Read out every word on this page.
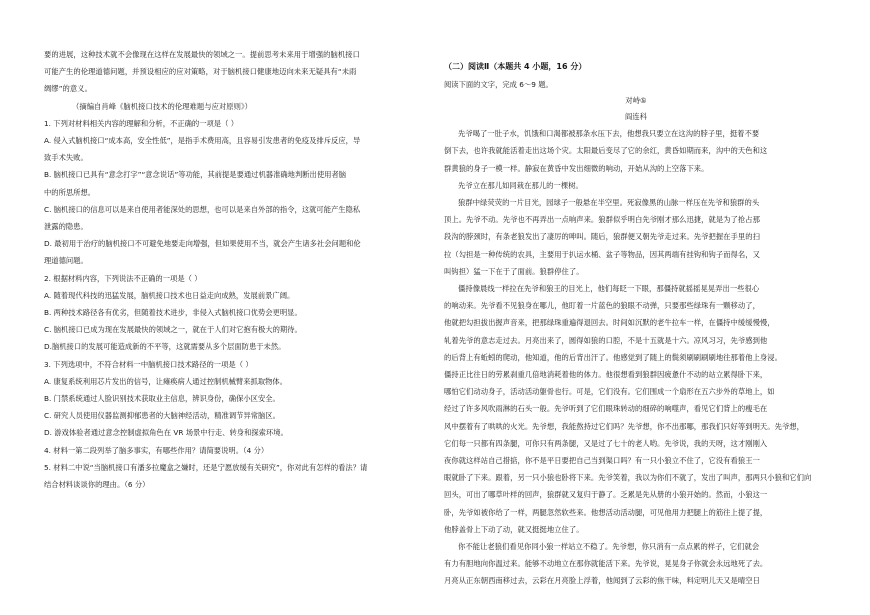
要的进展，这种技术就不会像现在这样在发展最快的领域之一。提前思考未来用于增强的脑机接口

可能产生的伦理道德问题，并预设相应的应对策略，对于脑机接口健康地迈向未来无疑具有“未雨

绸缪”的意义。

（摘编自肖峰《脑机接口技术的伦理难题与应对原则》）

1. 下列对材料相关内容的理解和分析，不正确的一项是（ ）

A. 侵入式脑机接口“成本高，安全性低”，是指手术费用高，且容易引发患者的免疫及排斥反应，导

致手术失败。

B. 脑机接口已具有“意念打字”“意念说话”等功能，其前提是要通过机器准确地判断出使用者脑

中的所思所想。

C. 脑机接口的信息可以是来自使用者能深处的思想，也可以是来自外部的指令，这就可能产生隐私

泄露的隐患。

D. 最初用于治疗的脑机接口不可避免地要走向增强，但如果使用不当，就会产生诸多社会问题和伦

理道德问题。

2. 根据材料内容，下列说法不正确的一项是（ ）

A. 随着现代科技的迅猛发展，脑机接口技术也日益走向成熟，发展前景广阔。

B. 两种技术路径各有优劣，但随着技术进步，非侵入式脑机接口优势会更明显。

C. 脑机接口已成为现在发展最快的领域之一，就在于人们对它抱有极大的期待。

D.脑机接口的发展可能造成新的不平等，这就需要从多个层面防患于未然。

3. 下列选项中，不符合材料一中脑机接口技术路径的一项是（ ）

A. 康复系统利用芯片发出的信号，让瘫痪病人通过控制机械臂来抓取物体。

B. 门禁系统通过人脸识别技术获取业主信息，辨识身份，确保小区安全。

C. 研究人员使用仪器监测抑郁患者的大脑神经活动，精准调节异常脑区。

D. 游戏体验者通过意念控制虚拟角色在 VR 场景中行走、转身和探索环境。

4. 材料一第二段列举了脑多事实，有哪些作用？请简要说明。（4 分）

5. 材料二中说“当脑机接口有潘多拉魔盒之嫌时，还是宁愿放缓有关研究”，你对此有怎样的看法？请

结合材料谈谈你的理由。（6 分）

（二）阅读Ⅱ（本题共 4 小题，16 分）

阅读下面的文字，完成 6～9 题。

对峙⑤

阎连科

先爷喝了一肚子水，饥饿和口渴都被那条水压下去，他想我只要立在这沟的脖子里，挺着不要

倒下去，也许我就能活着走出这场个灾。太阳最后变尽了它的余红，黄昏如期而来，沟中的天色和这

群黄狼的身子一模一样。静寂在黄昏中发出细微的响动，开始从沟的上空落下来。

先爷立在那儿如同栽在那儿的一棵树。

狼群中绿荧荧的一片目光，园球子一般悬在半空里。死寂像黑的山脉一样压在先爷和狼群的头

顶上。先爷不动。先爷也不再弄出一点响声来。狼群似乎明白先爷刚才那么迅捷，就是为了抢占那

段沟的脖颈时，有条老狼发出了凄厉的呻叫。随后，狼群便又朝先爷走过来。先爷把握在手里的扫

拉（勾担是一种传统的农具，主要用于扒运水桶、盆子等物品，因其两端有挂钩和钩子而得名，又

叫钩担）猛一下在于了面前。狼群停住了。

僵持像晨线一样拉在先爷和狼王的目光上，他们每眨一下眼，那僵持就摇摇晃晃弄出一些很心

的响动来。先爷看不见狼身在哪儿，他盯着一片蓝色的狼眼不动弹，只要那些绿珠有一颗移动了，

他就把勾担拔出握声音来，把那绿珠重遍得退回去。时间如沉默的老牛拉车一样，在僵持中缓缓慢慢，

轧着先爷的意志走过去。月亮出来了，圆得如狼的口腔，不是十五就是十六。凉风习习，先爷感到他

的后背上有蚯蚓的爬动，他知道，他的后背出汗了。他感觉到了随上的鬓须刷刷刷刷地往那着他上身浸。

僵持正比往日的劳累刹重几倍地消耗着他的体力。他很想看到狼群因疲惫什不动的站立累得卧下来，

哪怕它们动动身子，活动活动躯骨也行。可是，它们没有。它们围成一个扇形在五六步外的草地上，如

经过了许多风吹雨淋的石头一般。先爷听到了它们眼珠转动的细碎的响噬声，看见它们背上的瘦毛在

风中摆着有了哄哄的火光。先爷想，我能熬持过它们吗？先爷想，你不出那哪，那我们只好等到明天。先爷想，

它们每一只都有四条腿，可你只有两条腿，又是过了七十的老人哟。先爷说，我的天呀，这才刚刚入

夜你就这样站自己措掂，你不是平日要把自己当到渠口吗？有一只小狼立不住了，它没有看狼王一

眼就卧了下来。跟着，另一只小狼也卧将下来。先爷笑着，我以为你们不就了，发出了叫声，那两只小狼和它们向

回头，可出了哪草叶样的回声，狼群就又复归于静了。乏累是先从册的小狼开始的。然而，小狼这一

卧，先爷如被你给了一样，两腿忽然软些来。他想活动活动腿，可见他用力把腿上的筋往上提了提，

他脖盖骨上下动了动，就又挺挺地立住了。

你不能让老狼们看见你同小狼一样站立不稳了。先爷想，你只消有一点点累的样子，它们就会

有力有胆地向你温过来。能够不动地立在那你就能活下来。先爷说，晃晃身子你就会永远地死了去。

月亮从正东朝西南移过去，云彩在月亮脸上浮着，他闻到了云彩的焦干味，料定明儿天又是晴空日
